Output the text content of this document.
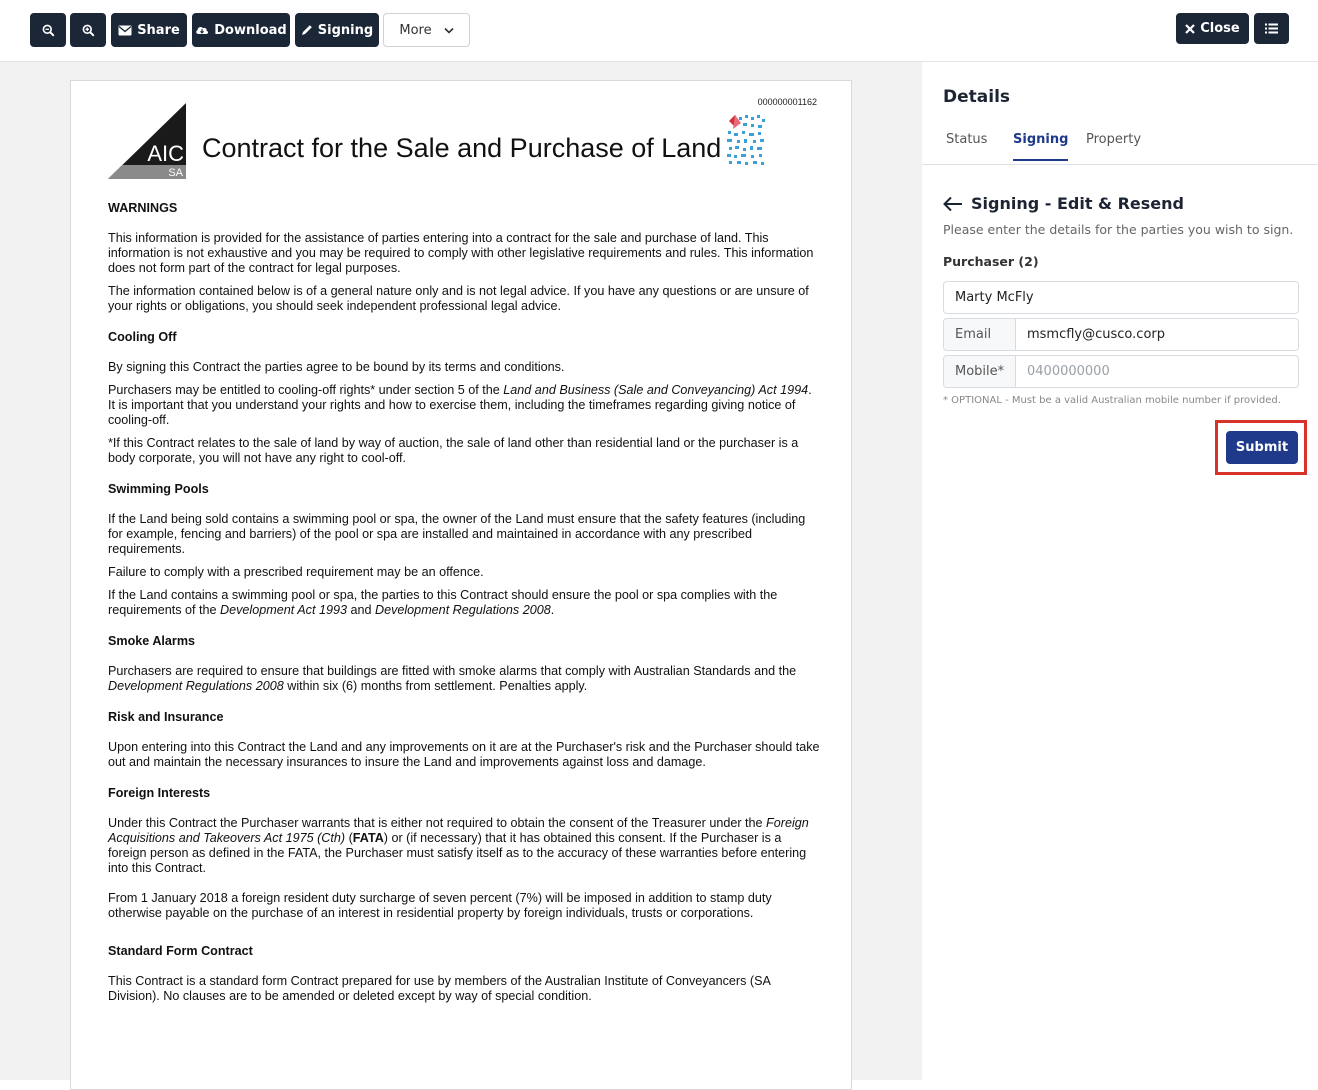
Share	Download Signing More	Close
000000001162
AIC
SA
Contract for the Sale and Purchase of Land
WARNINGS

This information is provided for the assistance of parties entering into a contract for the sale and purchase of land. This information is not exhaustive and you may be required to comply with other legislative requirements and rules. This information does not form part of the contract for legal purposes.

The information contained below is of a general nature only and is not legal advice. If you have any questions or are unsure of your rights or obligations, you should seek independent professional legal advice.

Cooling Off

By signing this Contract the parties agree to be bound by its terms and conditions.

Purchasers may be entitled to cooling-off rights* under section 5 of the Land and Business (Sale and Conveyancing) Act 1994. It is important that you understand your rights and how to exercise them, including the timeframes regarding giving notice of cooling-off.

*If this Contract relates to the sale of land by way of auction, the sale of land other than residential land or the purchaser is a body corporate, you will not have any right to cool-off.

Swimming Pools

If the Land being sold contains a swimming pool or spa, the owner of the Land must ensure that the safety features (including for example, fencing and barriers) of the pool or spa are installed and maintained in accordance with any prescribed requirements.

Failure to comply with a prescribed requirement may be an offence.

If the Land contains a swimming pool or spa, the parties to this Contract should ensure the pool or spa complies with the requirements of the Development Act 1993 and Development Regulations 2008.

Smoke Alarms

Purchasers are required to ensure that buildings are fitted with smoke alarms that comply with Australian Standards and the Development Regulations 2008 within six (6) months from settlement. Penalties apply.

Risk and Insurance

Upon entering into this Contract the Land and any improvements on it are at the Purchaser's risk and the Purchaser should take out and maintain the necessary insurances to insure the Land and improvements against loss and damage.

Foreign Interests

Under this Contract the Purchaser warrants that is either not required to obtain the consent of the Treasurer under the Foreign Acquisitions and Takeovers Act 1975 (Cth) (FATA) or (if necessary) that it has obtained this consent. If the Purchaser is a foreign person as defined in the FATA, the Purchaser must satisfy itself as to the accuracy of these warranties before entering into this Contract.

From 1 January 2018 a foreign resident duty surcharge of seven percent (7%) will be imposed in addition to stamp duty otherwise payable on the purchase of an interest in residential property by foreign individuals, trusts or corporations.

Standard Form Contract

This Contract is a standard form Contract prepared for use by members of the Australian Institute of Conveyancers (SA Division). No clauses are to be amended or deleted except by way of special condition.

Details
Status Signing Property
Signing - Edit & Resend
Please enter the details for the parties you wish to sign.
Purchaser (2)
Marty McFly
Email
msmcfly@cusco.corp
Mobile*
0400000000
* OPTIONAL - Must be a valid Australian mobile number if provided.
Submit
